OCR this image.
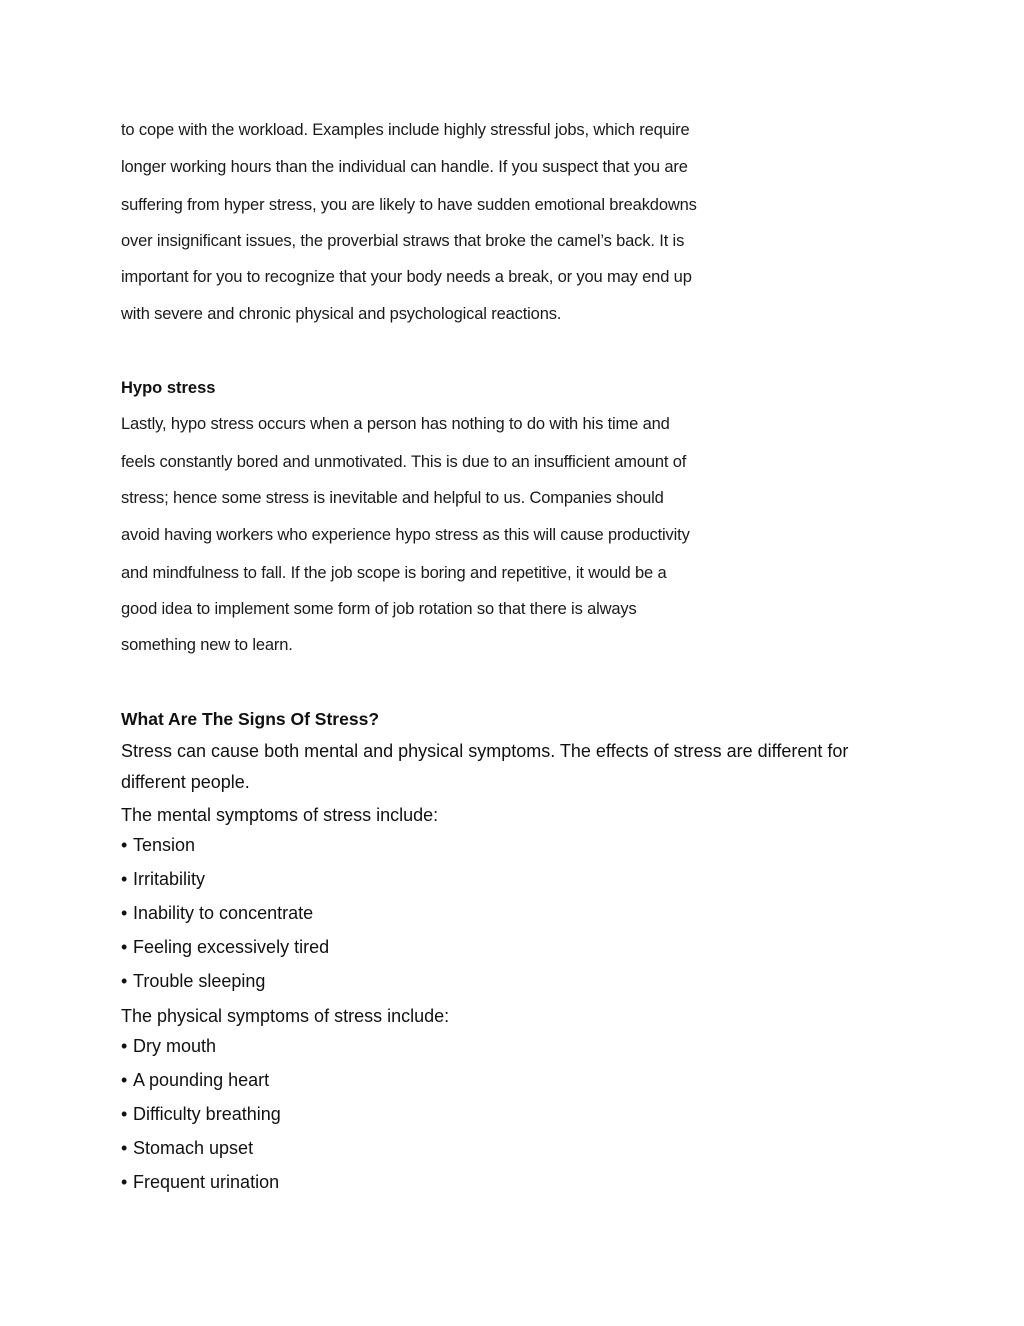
to cope with the workload. Examples include highly stressful jobs, which require
longer working hours than the individual can handle. If you suspect that you are
suffering from hyper stress, you are likely to have sudden emotional breakdowns
over insignificant issues, the proverbial straws that broke the camel’s back. It is
important for you to recognize that your body needs a break, or you may end up
with severe and chronic physical and psychological reactions.
Hypo stress
Lastly, hypo stress occurs when a person has nothing to do with his time and
feels constantly bored and unmotivated. This is due to an insufficient amount of
stress; hence some stress is inevitable and helpful to us. Companies should
avoid having workers who experience hypo stress as this will cause productivity
and mindfulness to fall. If the job scope is boring and repetitive, it would be a
good idea to implement some form of job rotation so that there is always
something new to learn.
What Are The Signs Of Stress?
Stress can cause both mental and physical symptoms. The effects of stress are different for
different people.
The mental symptoms of stress include:
• Tension
• Irritability
• Inability to concentrate
• Feeling excessively tired
• Trouble sleeping
The physical symptoms of stress include:
• Dry mouth
• A pounding heart
• Difficulty breathing
• Stomach upset
• Frequent urination
